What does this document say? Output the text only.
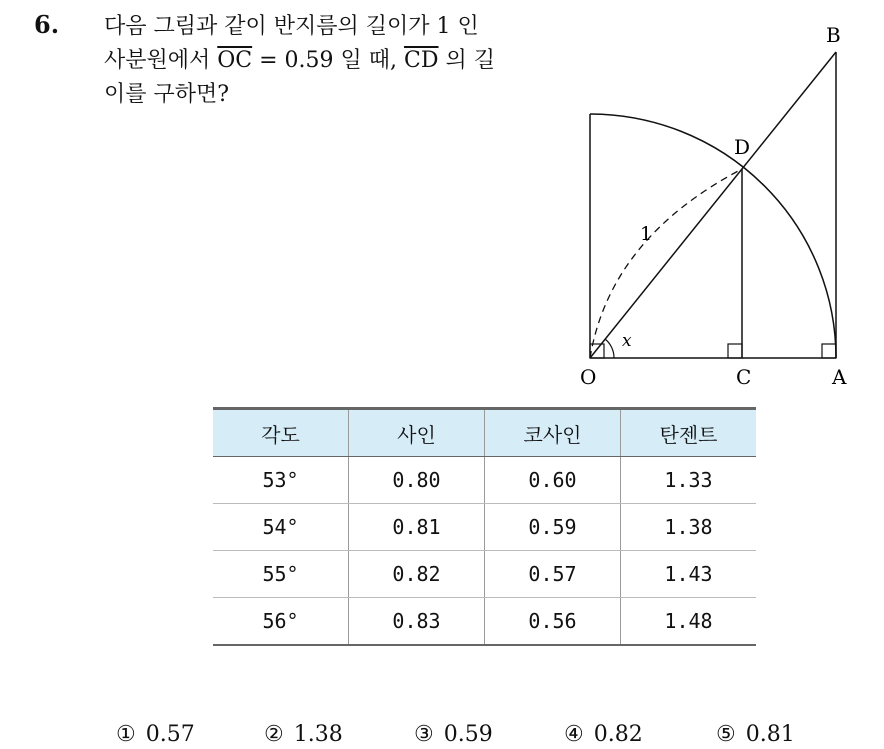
6. 다음 그림과 같이 반지름의 길이가 1 인
사분원에서 $\overline{OC} = 0.59$ 일 때, $\overline{CD}$ 의 길
이를 구하면?
O	C	A
B
D
1
x
각도	사인	코사인	탄젠트
53°	0.80	0.60	1.33
54°	0.81	0.59	1.38
55°	0.82	0.57	1.43
56°	0.83	0.56	1.48
① 0.57	② 1.38	③ 0.59	④ 0.82	⑤ 0.81
